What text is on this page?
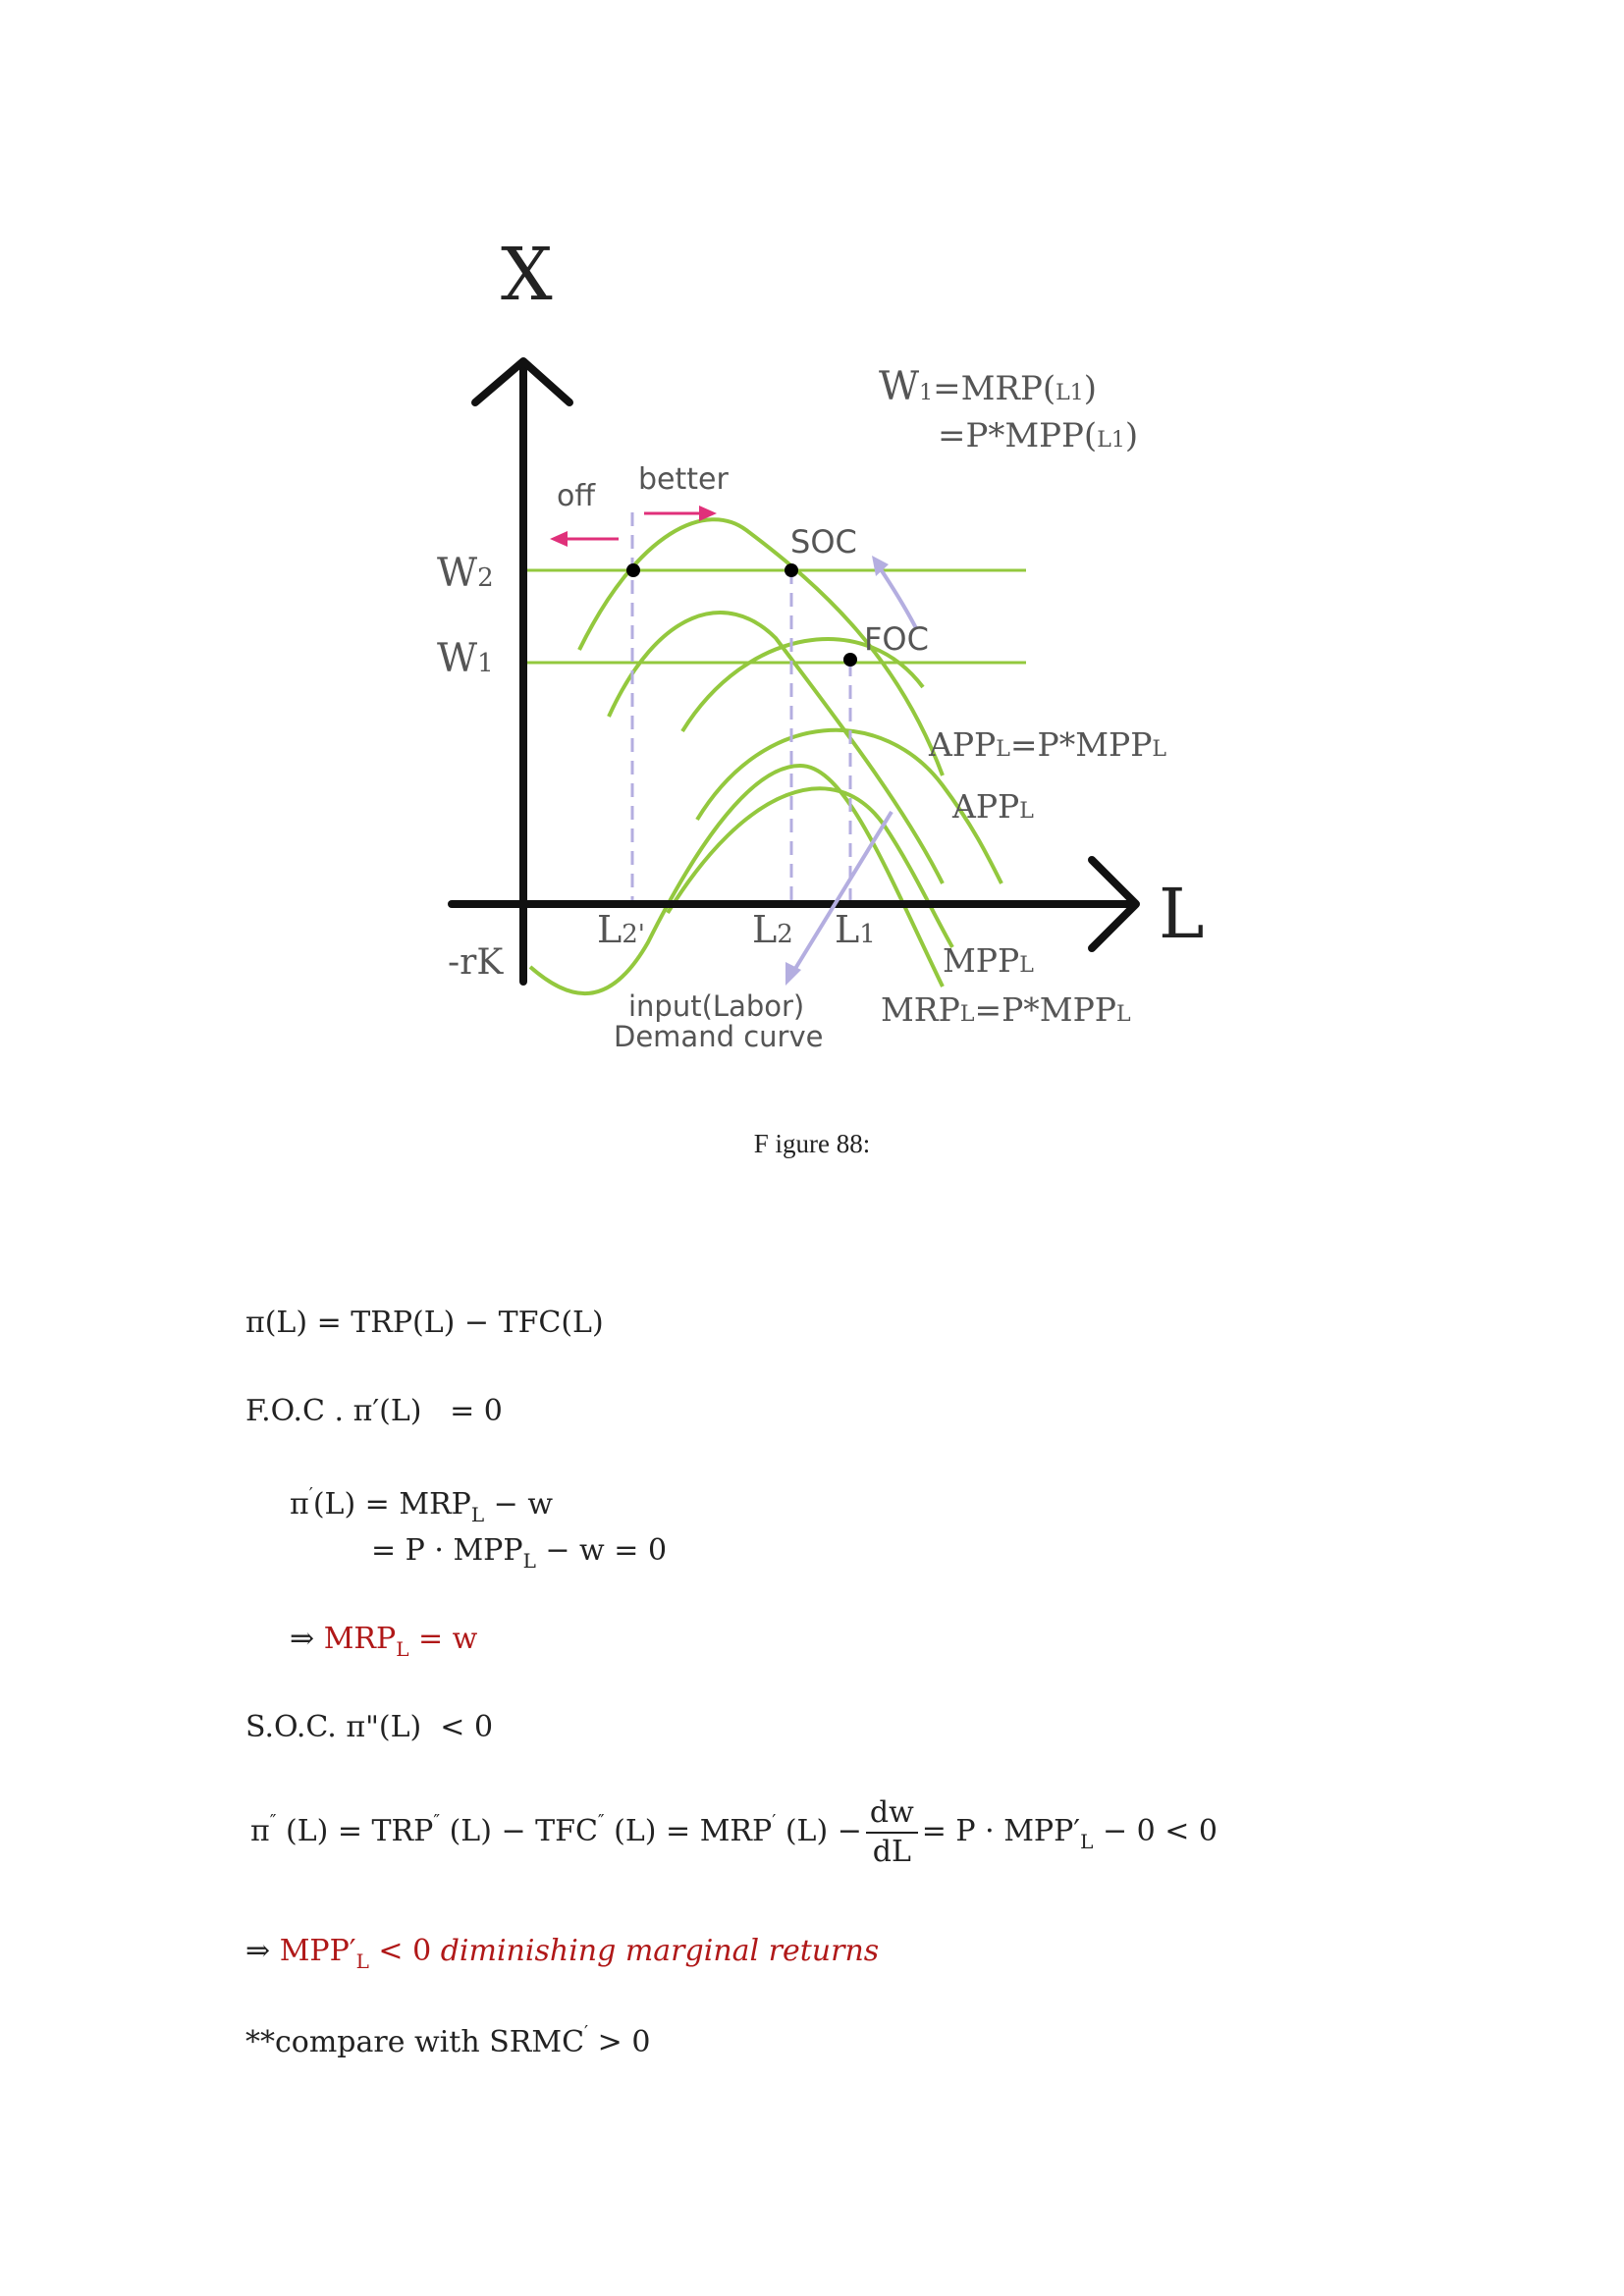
X
L
W2
W1
-rK
L2'	L2 L1
off better
SOC
FOC
W1=MRP(L1)
=P*MPP(L1)
APPL=P*MPPL
APPL
MPPL
MRPL=P*MPPL
input(Labor)
Demand curve
F igure 88:
π(L) = TRP(L) − TFC(L)
F.O.C . π′(L) = 0
$\pi'(L) = MRP_L - w$
= $P \cdot MPP_L - w = 0$
⇒ $MRP_L = w$
S.O.C. π"(L) < 0
π″ (L) = TRP″ (L) − TFC″ (L) = MRP′ $(L) - \frac{dw}{dL} = P \cdot MPP'_L - 0 < 0$
⇒ $MPP'_L < 0$ diminishing marginal returns
**compare with SRMC′ > 0
